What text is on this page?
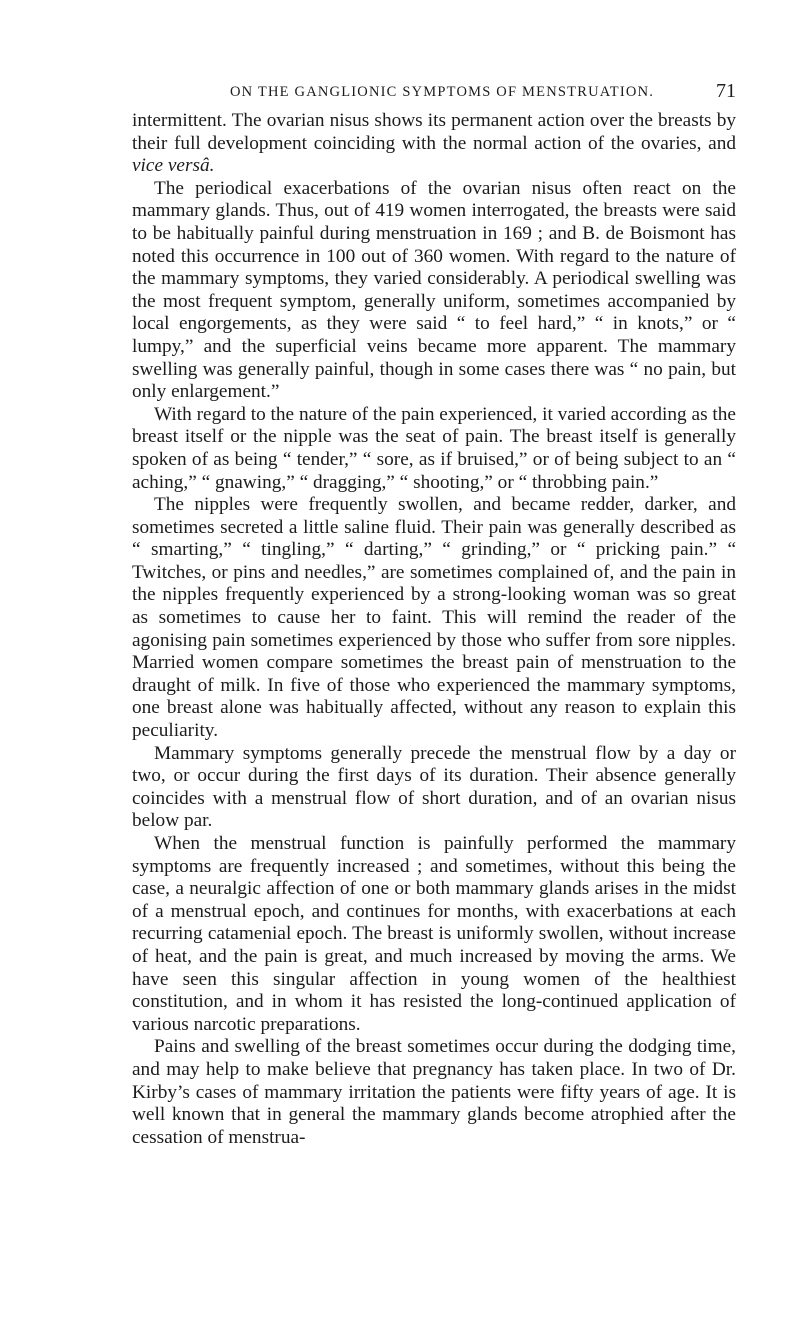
ON THE GANGLIONIC SYMPTOMS OF MENSTRUATION.	71

intermittent. The ovarian nisus shows its permanent action over the breasts by their full development coinciding with the normal action of the ovaries, and vice versâ.

The periodical exacerbations of the ovarian nisus often react on the mammary glands. Thus, out of 419 women interrogated, the breasts were said to be habitually painful during menstruation in 169 ; and B. de Boismont has noted this occurrence in 100 out of 360 women. With regard to the nature of the mammary symptoms, they varied considerably. A periodical swelling was the most frequent symptom, generally uniform, sometimes accompanied by local engorgements, as they were said “ to feel hard,” “ in knots,” or “ lumpy,” and the superficial veins became more apparent. The mammary swelling was generally painful, though in some cases there was “ no pain, but only enlargement.”

With regard to the nature of the pain experienced, it varied according as the breast itself or the nipple was the seat of pain. The breast itself is generally spoken of as being “ tender,” “ sore, as if bruised,” or of being subject to an “ aching,” “ gnawing,” “ dragging,” “ shooting,” or “ throbbing pain.”

The nipples were frequently swollen, and became redder, darker, and sometimes secreted a little saline fluid. Their pain was generally described as “ smarting,” “ tingling,” “ darting,” “ grinding,” or “ pricking pain.” “ Twitches, or pins and needles,” are sometimes complained of, and the pain in the nipples frequently experienced by a strong-looking woman was so great as sometimes to cause her to faint. This will remind the reader of the agonising pain sometimes experienced by those who suffer from sore nipples. Married women compare sometimes the breast pain of menstruation to the draught of milk. In five of those who experienced the mammary symptoms, one breast alone was habitually affected, without any reason to explain this peculiarity.

Mammary symptoms generally precede the menstrual flow by a day or two, or occur during the first days of its duration. Their absence generally coincides with a menstrual flow of short duration, and of an ovarian nisus below par.

When the menstrual function is painfully performed the mammary symptoms are frequently increased ; and sometimes, without this being the case, a neuralgic affection of one or both mammary glands arises in the midst of a menstrual epoch, and continues for months, with exacerbations at each recurring catamenial epoch. The breast is uniformly swollen, without increase of heat, and the pain is great, and much increased by moving the arms. We have seen this singular affection in young women of the healthiest constitution, and in whom it has resisted the long-continued application of various narcotic preparations.

Pains and swelling of the breast sometimes occur during the dodging time, and may help to make believe that pregnancy has taken place. In two of Dr. Kirby’s cases of mammary irritation the patients were fifty years of age. It is well known that in general the mammary glands become atrophied after the cessation of menstrua-
